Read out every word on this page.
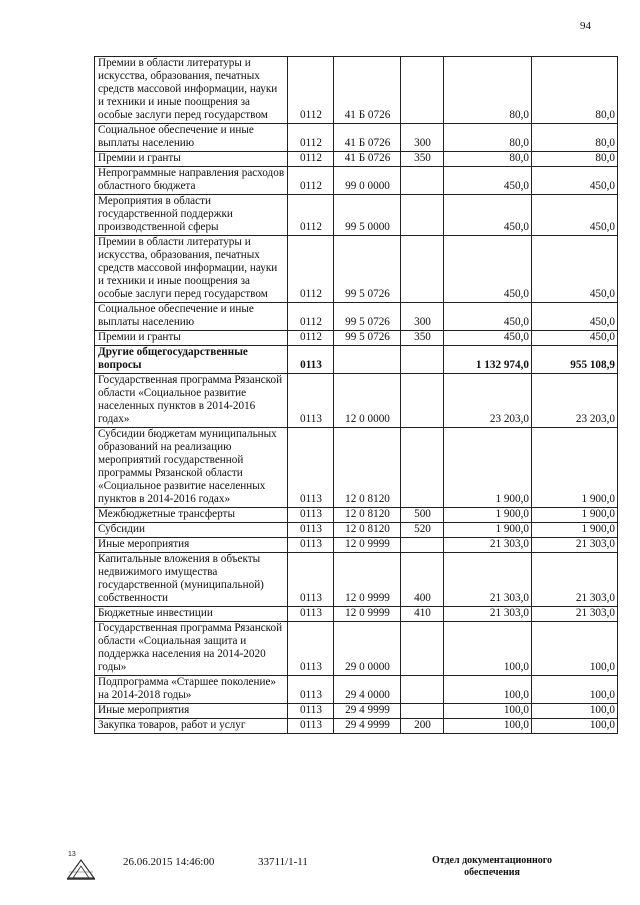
94
Премии в области литературы и искусства, образования, печатных средств массовой информации, науки и техники и иные поощрения за особые заслуги перед государством	0112	41 Б 0726		80,0	80,0
Социальное обеспечение и иные выплаты населению	0112	41 Б 0726	300	80,0	80,0
Премии и гранты	0112	41 Б 0726	350	80,0	80,0
Непрограммные направления расходов областного бюджета	0112	99 0 0000		450,0	450,0
Мероприятия в области государственной поддержки производственной сферы	0112	99 5 0000		450,0	450,0
Премии в области литературы и искусства, образования, печатных средств массовой информации, науки и техники и иные поощрения за особые заслуги перед государством	0112	99 5 0726		450,0	450,0
Социальное обеспечение и иные выплаты населению	0112	99 5 0726	300	450,0	450,0
Премии и гранты	0112	99 5 0726	350	450,0	450,0
Другие общегосударственные вопросы	0113			1 132 974,0	955 108,9
Государственная программа Рязанской области «Социальное развитие населенных пунктов в 2014-2016 годах»	0113	12 0 0000		23 203,0	23 203,0
Субсидии бюджетам муниципальных образований на реализацию мероприятий государственной программы Рязанской области «Социальное развитие населенных пунктов в 2014-2016 годах»	0113	12 0 8120		1 900,0	1 900,0
Межбюджетные трансферты	0113	12 0 8120	500	1 900,0	1 900,0
Субсидии	0113	12 0 8120	520	1 900,0	1 900,0
Иные мероприятия	0113	12 0 9999		21 303,0	21 303,0
Капитальные вложения в объекты недвижимого имущества государственной (муниципальной) собственности	0113	12 0 9999	400	21 303,0	21 303,0
Бюджетные инвестиции	0113	12 0 9999	410	21 303,0	21 303,0
Государственная программа Рязанской области «Социальная защита и поддержка населения на 2014-2020 годы»	0113	29 0 0000		100,0	100,0
Подпрограмма «Старшее поколение» на 2014-2018 годы»	0113	29 4 0000		100,0	100,0
Иные мероприятия	0113	29 4 9999		100,0	100,0
Закупка товаров, работ и услуг	0113	29 4 9999	200	100,0	100,0
13
26.06.2015 14:46:00	33711/1-11	Отдел документационного
обеспечения
